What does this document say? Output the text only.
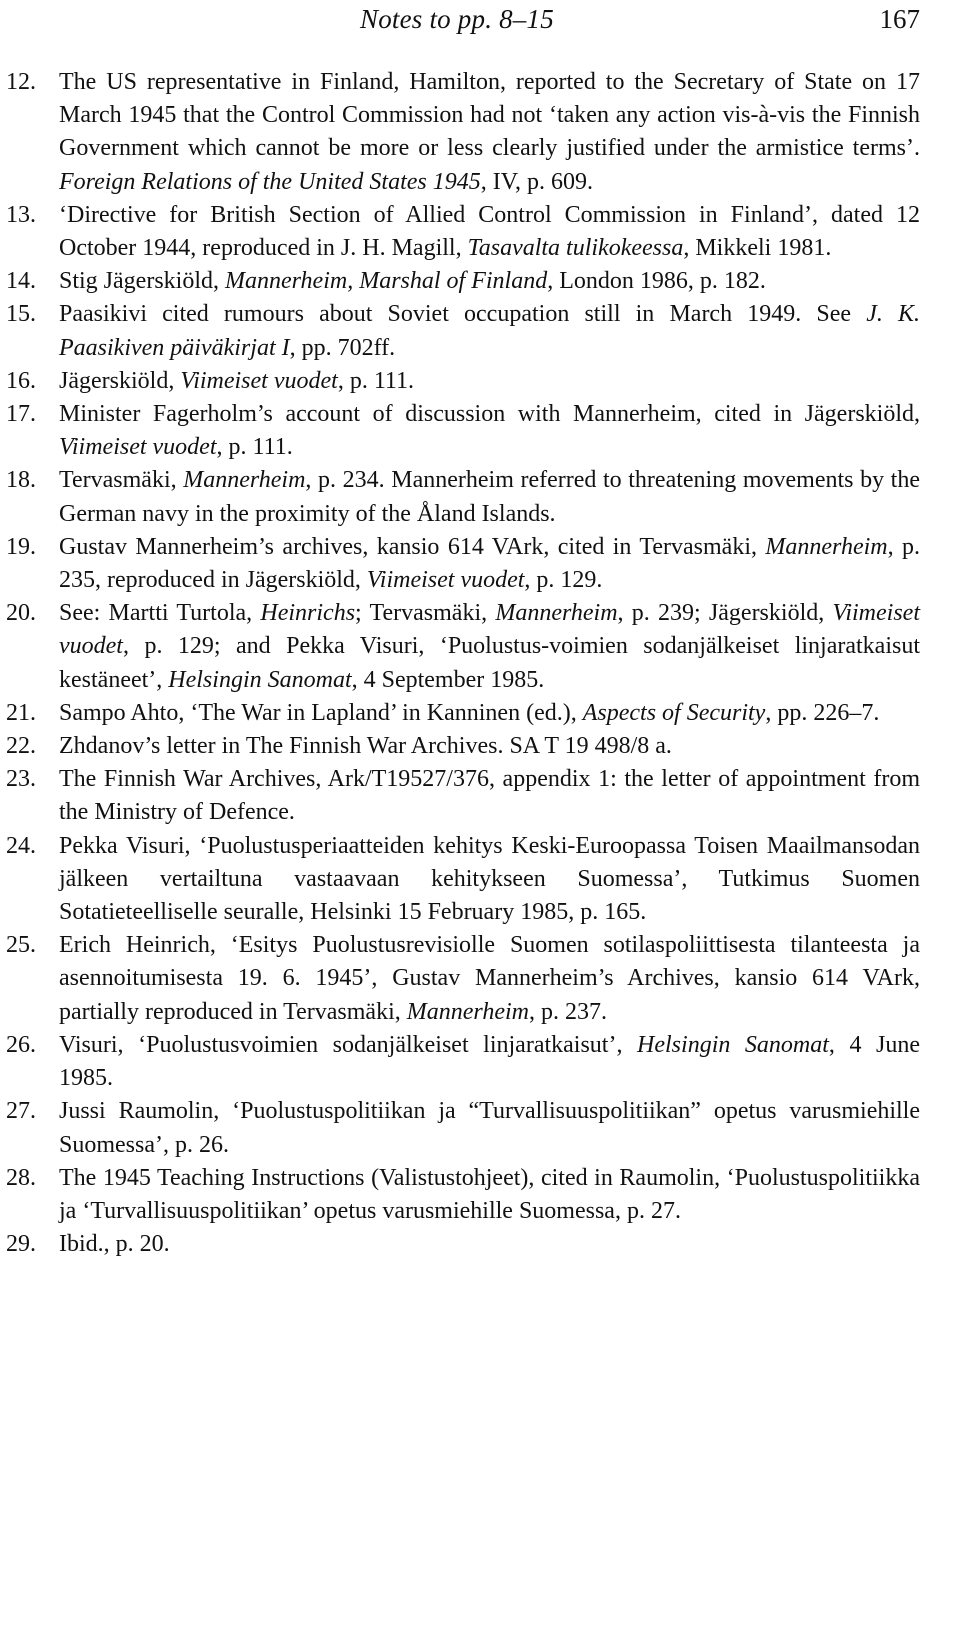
Notes to pp. 8–15	167
12. The US representative in Finland, Hamilton, reported to the Secretary of State on 17 March 1945 that the Control Commission had not ‘taken any action vis-à-vis the Finnish Government which cannot be more or less clearly justified under the armistice terms’. Foreign Relations of the United States 1945, IV, p. 609.
13. ‘Directive for British Section of Allied Control Commission in Finland’, dated 12 October 1944, reproduced in J. H. Magill, Tasavalta tulikokeessa, Mikkeli 1981.
14. Stig Jägerskiöld, Mannerheim, Marshal of Finland, London 1986, p. 182.
15. Paasikivi cited rumours about Soviet occupation still in March 1949. See J. K. Paasikiven päiväkirjat I, pp. 702ff.
16. Jägerskiöld, Viimeiset vuodet, p. 111.
17. Minister Fagerholm’s account of discussion with Mannerheim, cited in Jägerskiöld, Viimeiset vuodet, p. 111.
18. Tervasmäki, Mannerheim, p. 234. Mannerheim referred to threatening movements by the German navy in the proximity of the Åland Islands.
19. Gustav Mannerheim’s archives, kansio 614 VArk, cited in Tervasmäki, Mannerheim, p. 235, reproduced in Jägerskiöld, Viimeiset vuodet, p. 129.
20. See: Martti Turtola, Heinrichs; Tervasmäki, Mannerheim, p. 239; Jägerskiöld, Viimeiset vuodet, p. 129; and Pekka Visuri, ‘Puolustus-voimien sodanjälkeiset linjaratkaisut kestäneet’, Helsingin Sanomat, 4 September 1985.
21. Sampo Ahto, ‘The War in Lapland’ in Kanninen (ed.), Aspects of Security, pp. 226–7.
22. Zhdanov’s letter in The Finnish War Archives. SA T 19 498/8 a.
23. The Finnish War Archives, Ark/T19527/376, appendix 1: the letter of appointment from the Ministry of Defence.
24. Pekka Visuri, ‘Puolustusperiaatteiden kehitys Keski-Euroopassa Toisen Maailmansodan jälkeen vertailtuna vastaavaan kehitykseen Suomessa’, Tutkimus Suomen Sotatieteelliselle seuralle, Helsinki 15 February 1985, p. 165.
25. Erich Heinrich, ‘Esitys Puolustusrevisiolle Suomen sotilaspoliittisesta tilanteesta ja asennoitumisesta 19. 6. 1945’, Gustav Mannerheim’s Archives, kansio 614 VArk, partially reproduced in Tervasmäki, Mannerheim, p. 237.
26. Visuri, ‘Puolustusvoimien sodanjälkeiset linjaratkaisut’, Helsingin Sanomat, 4 June 1985.
27. Jussi Raumolin, ‘Puolustuspolitiikan ja “Turvallisuuspolitiikan” opetus varusmiehille Suomessa’, p. 26.
28. The 1945 Teaching Instructions (Valistustohjeet), cited in Raumolin, ‘Puolustuspolitiikka ja ‘Turvallisuuspolitiikan’ opetus varusmiehille Suomessa, p. 27.
29. Ibid., p. 20.
